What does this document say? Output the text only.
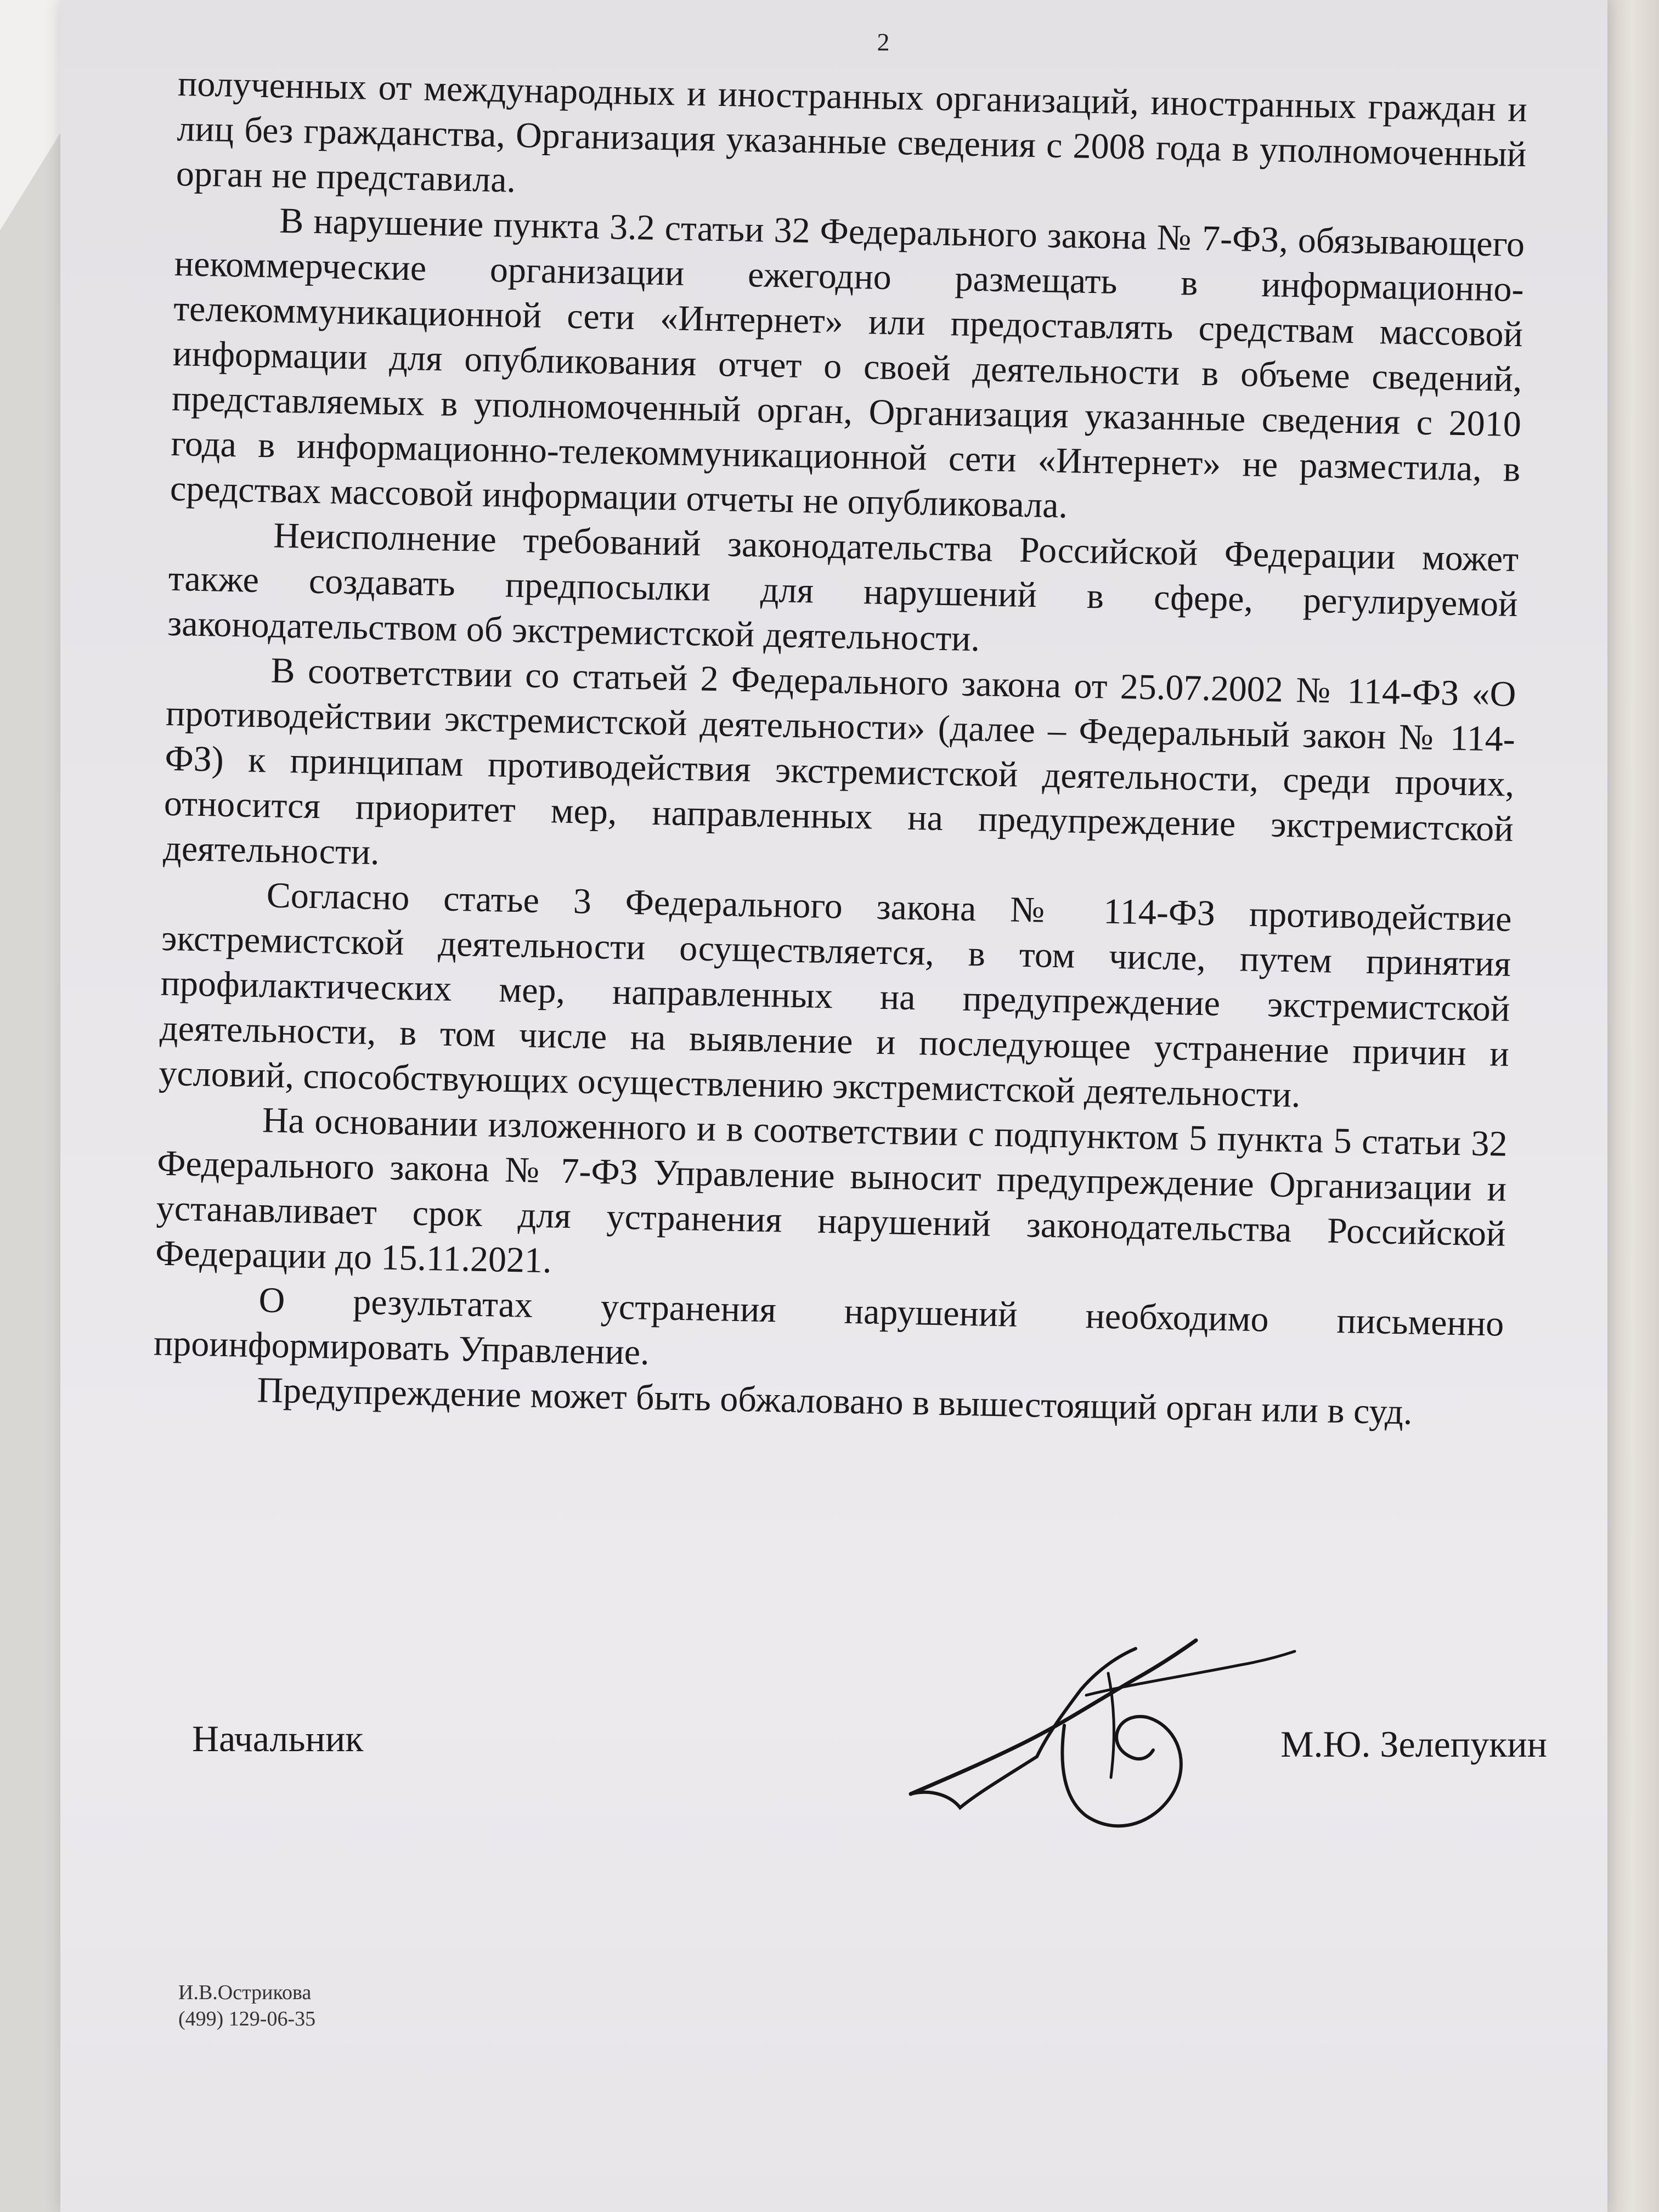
2

полученных от международных и иностранных организаций, иностранных граждан и лиц без гражданства, Организация указанные сведения с 2008 года в уполномоченный орган не представила.

В нарушение пункта 3.2 статьи 32 Федерального закона № 7-ФЗ, обязывающего некоммерческие организации ежегодно размещать в информационно-телекоммуникационной сети «Интернет» или предоставлять средствам массовой информации для опубликования отчет о своей деятельности в объеме сведений, представляемых в уполномоченный орган, Организация указанные сведения с 2010 года в информационно-телекоммуникационной сети «Интернет» не разместила, в средствах массовой информации отчеты не опубликовала.

Неисполнение требований законодательства Российской Федерации может также создавать предпосылки для нарушений в сфере, регулируемой законодательством об экстремистской деятельности.

В соответствии со статьей 2 Федерального закона от 25.07.2002 № 114-ФЗ «О противодействии экстремистской деятельности» (далее – Федеральный закон № 114-ФЗ) к принципам противодействия экстремистской деятельности, среди прочих, относится приоритет мер, направленных на предупреждение экстремистской деятельности.

Согласно статье 3 Федерального закона № 114-ФЗ противодействие экстремистской деятельности осуществляется, в том числе, путем принятия профилактических мер, направленных на предупреждение экстремистской деятельности, в том числе на выявление и последующее устранение причин и условий, способствующих осуществлению экстремистской деятельности.

На основании изложенного и в соответствии с подпунктом 5 пункта 5 статьи 32 Федерального закона № 7-ФЗ Управление выносит предупреждение Организации и устанавливает срок для устранения нарушений законодательства Российской Федерации до 15.11.2021.

О результатах устранения нарушений необходимо письменно проинформировать Управление.

Предупреждение может быть обжаловано в вышестоящий орган или в суд.

Начальник	М.Ю. Зелепукин
И.В.Острикова
(499) 129-06-35
